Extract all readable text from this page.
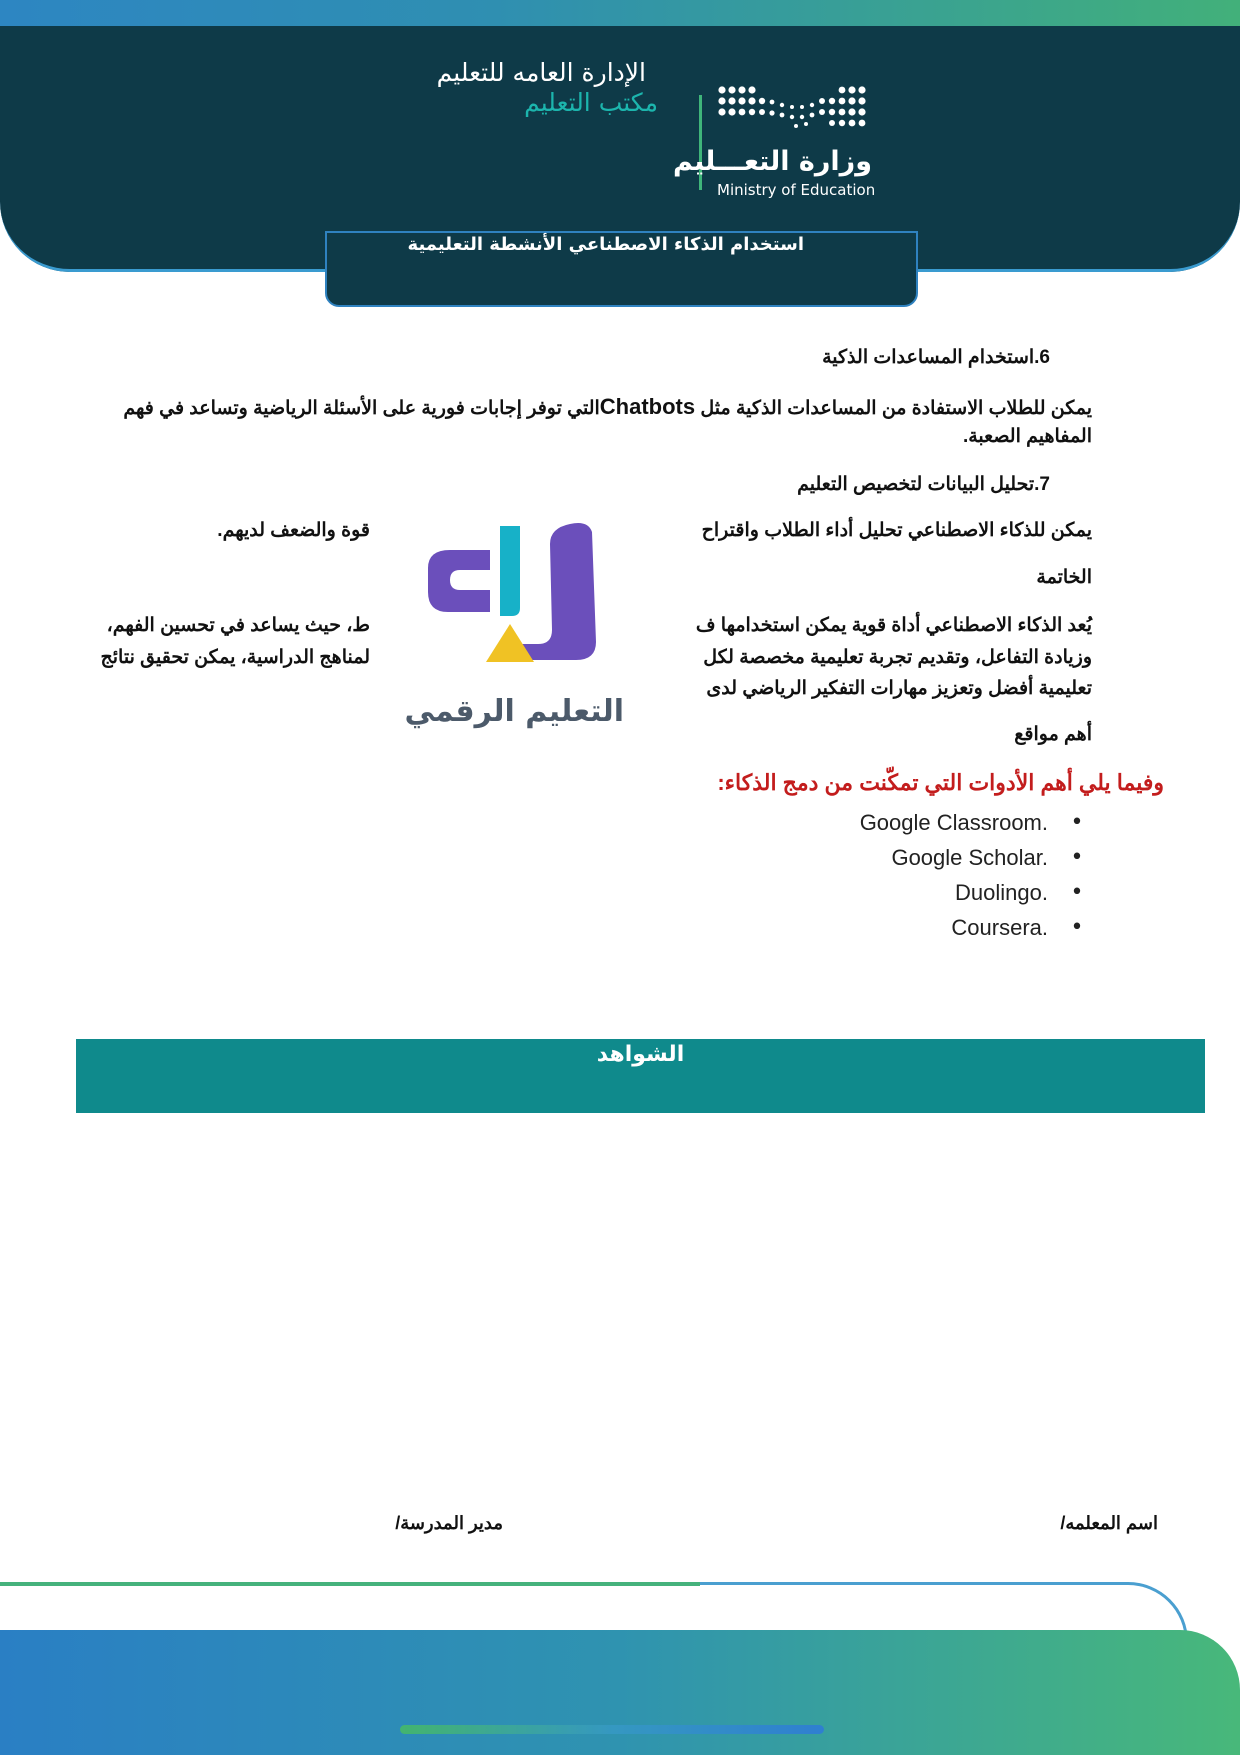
الإدارة العامه للتعليم
مكتب التعليم
وزارة التعـــليم
Ministry of Education
استخدام الذكاء الاصطناعي الأنشطة التعليمية
6.استخدام المساعدات الذكية
يمكن للطلاب الاستفادة من المساعدات الذكية مثل Chatbotsالتي توفر إجابات فورية على الأسئلة الرياضية وتساعد في فهم المفاهيم الصعبة.
7.تحليل البيانات لتخصيص التعليم
يمكن للذكاء الاصطناعي تحليل أداء الطلاب واقتراح
قوة والضعف لديهم.
الخاتمة
يُعد الذكاء الاصطناعي أداة قوية يمكن استخدامها ف
ط، حيث يساعد في تحسين الفهم،
وزيادة التفاعل، وتقديم تجربة تعليمية مخصصة لكل
لمناهج الدراسية، يمكن تحقيق نتائج
تعليمية أفضل وتعزيز مهارات التفكير الرياضي لدى
أهم مواقع
التعليم الرقمي
وفيما يلي أهم الأدوات التي تمكّنت من دمج الذكاء:
•
Google Classroom.
•
Google Scholar.
•
Duolingo.
•
Coursera.
الشواهد
اسم المعلمه/
مدير المدرسة/
